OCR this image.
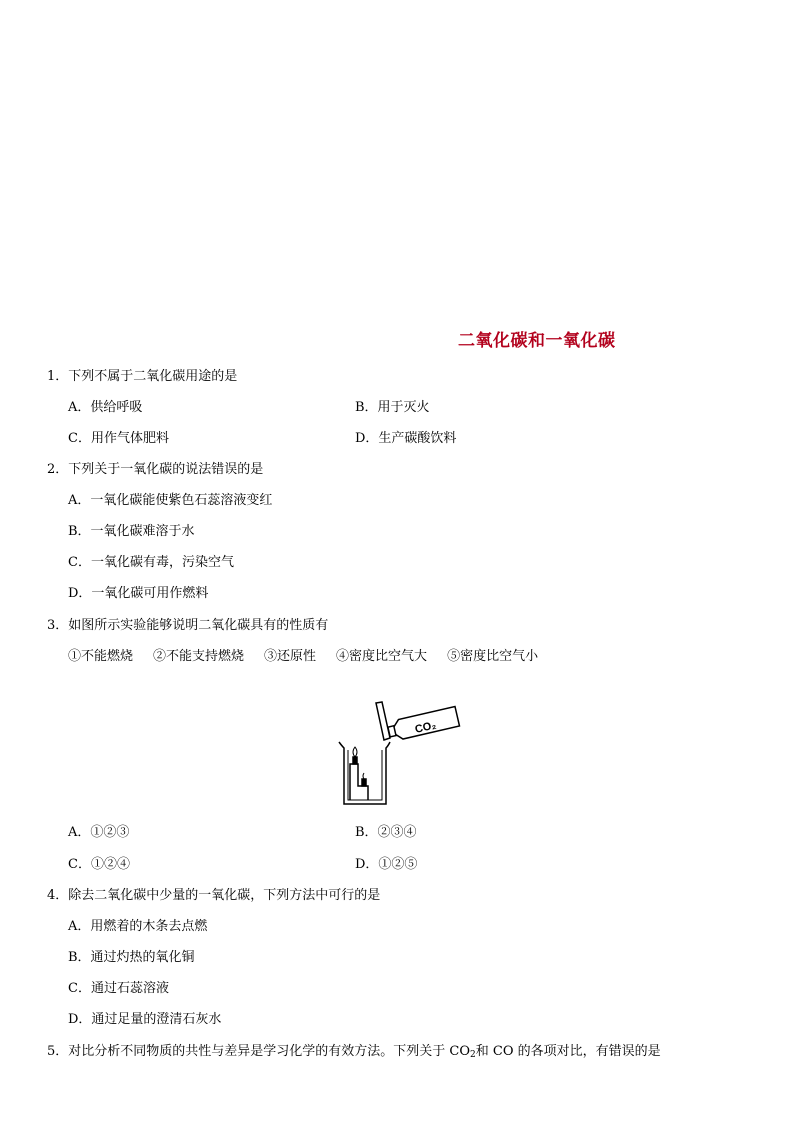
二氧化碳和一氧化碳
1．下列不属于二氧化碳用途的是
A．供给呼吸	B．用于灭火
C．用作气体肥料	D．生产碳酸饮料
2．下列关于一氧化碳的说法错误的是
A．一氧化碳能使紫色石蕊溶液变红
B．一氧化碳难溶于水
C．一氧化碳有毒，污染空气
D．一氧化碳可用作燃料
3．如图所示实验能够说明二氧化碳具有的性质有
①不能燃烧 ②不能支持燃烧 ③还原性 ④密度比空气大 ⑤密度比空气小
CO₂
A．①②③	B．②③④
C．①②④	D．①②⑤
4．除去二氧化碳中少量的一氧化碳，下列方法中可行的是
A．用燃着的木条去点燃
B．通过灼热的氧化铜
C．通过石蕊溶液
D．通过足量的澄清石灰水
5．对比分析不同物质的共性与差异是学习化学的有效方法。下列关于 $CO_2$和 CO 的各项对比，有错误的是
